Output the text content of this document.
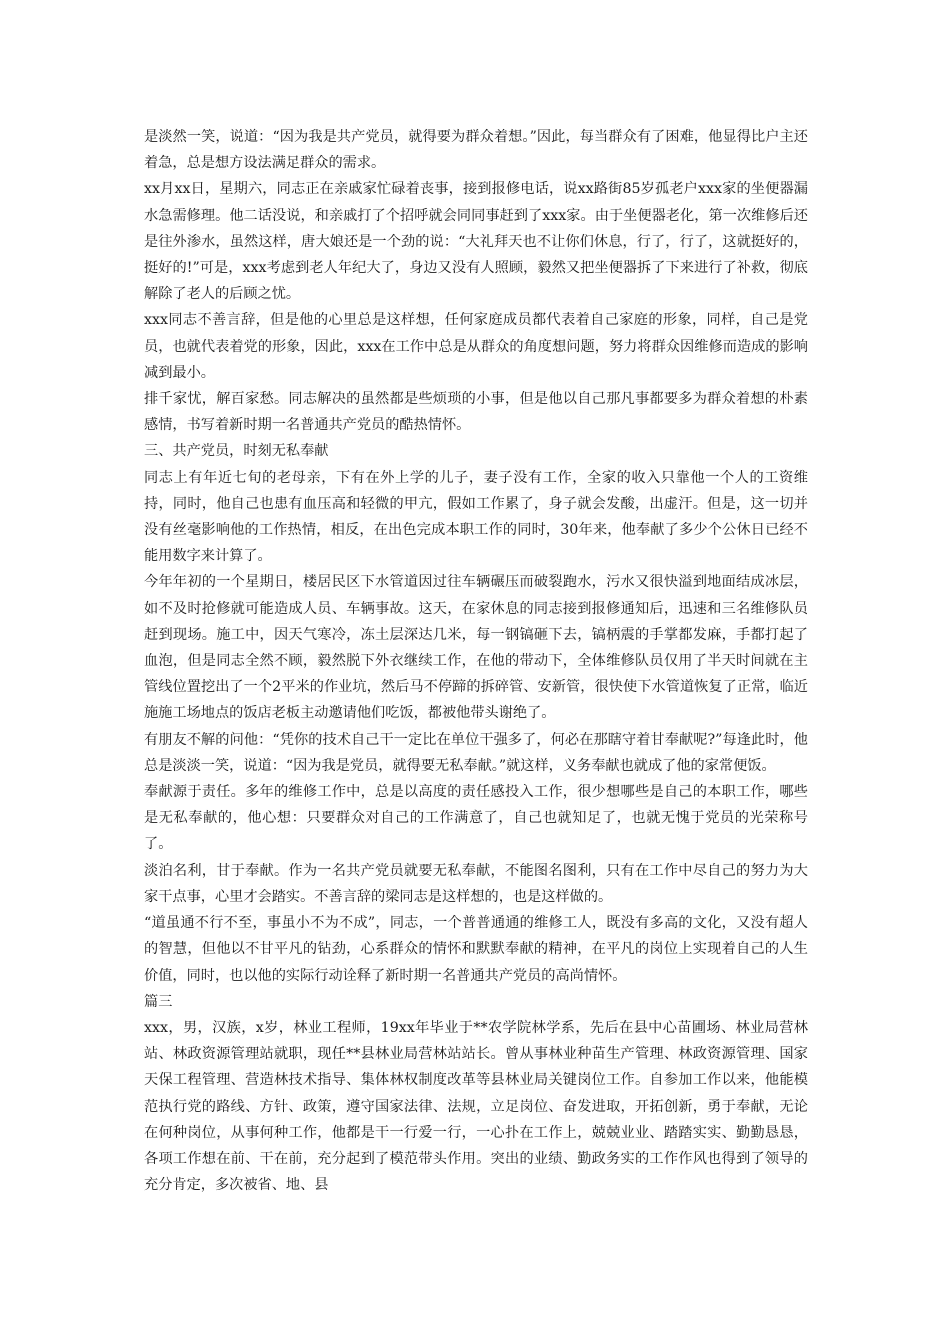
是淡然一笑，说道：“因为我是共产党员，就得要为群众着想。”因此，每当群众有了困难，他显得比户主还着急，总是想方设法满足群众的需求。

xx月xx日，星期六，同志正在亲戚家忙碌着丧事，接到报修电话，说xx路街85岁孤老户xxx家的坐便器漏水急需修理。他二话没说，和亲戚打了个招呼就会同同事赶到了xxx家。由于坐便器老化，第一次维修后还是往外渗水，虽然这样，唐大娘还是一个劲的说：“大礼拜天也不让你们休息，行了，行了，这就挺好的，挺好的!”可是，xxx考虑到老人年纪大了，身边又没有人照顾，毅然又把坐便器拆了下来进行了补救，彻底解除了老人的后顾之忧。

xxx同志不善言辞，但是他的心里总是这样想，任何家庭成员都代表着自己家庭的形象，同样，自己是党员，也就代表着党的形象，因此，xxx在工作中总是从群众的角度想问题，努力将群众因维修而造成的影响减到最小。

排千家忧，解百家愁。同志解决的虽然都是些烦琐的小事，但是他以自己那凡事都要多为群众着想的朴素感情，书写着新时期一名普通共产党员的酷热情怀。

三、共产党员，时刻无私奉献

同志上有年近七旬的老母亲，下有在外上学的儿子，妻子没有工作，全家的收入只靠他一个人的工资维持，同时，他自己也患有血压高和轻微的甲亢，假如工作累了，身子就会发酸，出虚汗。但是，这一切并没有丝毫影响他的工作热情，相反，在出色完成本职工作的同时，30年来，他奉献了多少个公休日已经不能用数字来计算了。

今年年初的一个星期日，楼居民区下水管道因过往车辆碾压而破裂跑水，污水又很快溢到地面结成冰层，如不及时抢修就可能造成人员、车辆事故。这天，在家休息的同志接到报修通知后，迅速和三名维修队员赶到现场。施工中，因天气寒冷，冻土层深达几米，每一钢镐砸下去，镐柄震的手掌都发麻，手都打起了血泡，但是同志全然不顾，毅然脱下外衣继续工作，在他的带动下，全体维修队员仅用了半天时间就在主管线位置挖出了一个2平米的作业坑，然后马不停蹄的拆碎管、安新管，很快使下水管道恢复了正常，临近施施工场地点的饭店老板主动邀请他们吃饭，都被他带头谢绝了。

有朋友不解的问他：“凭你的技术自己干一定比在单位干强多了，何必在那瞎守着甘奉献呢?”每逢此时，他总是淡淡一笑，说道：“因为我是党员，就得要无私奉献。”就这样，义务奉献也就成了他的家常便饭。

奉献源于责任。多年的维修工作中，总是以高度的责任感投入工作，很少想哪些是自己的本职工作，哪些是无私奉献的，他心想：只要群众对自己的工作满意了，自己也就知足了，也就无愧于党员的光荣称号了。

淡泊名利，甘于奉献。作为一名共产党员就要无私奉献，不能图名图利，只有在工作中尽自己的努力为大家干点事，心里才会踏实。不善言辞的梁同志是这样想的，也是这样做的。

“道虽通不行不至，事虽小不为不成”，同志，一个普普通通的维修工人，既没有多高的文化，又没有超人的智慧，但他以不甘平凡的钻劲，心系群众的情怀和默默奉献的精神，在平凡的岗位上实现着自己的人生价值，同时，也以他的实际行动诠释了新时期一名普通共产党员的高尚情怀。

篇三

xxx，男，汉族，x岁，林业工程师，19xx年毕业于**农学院林学系，先后在县中心苗圃场、林业局营林站、林政资源管理站就职，现任**县林业局营林站站长。曾从事林业种苗生产管理、林政资源管理、国家天保工程管理、营造林技术指导、集体林权制度改革等县林业局关键岗位工作。自参加工作以来，他能模范执行党的路线、方针、政策，遵守国家法律、法规，立足岗位、奋发进取，开拓创新，勇于奉献，无论在何种岗位，从事何种工作，他都是干一行爱一行，一心扑在工作上，兢兢业业、踏踏实实、勤勤恳恳，各项工作想在前、干在前，充分起到了模范带头作用。突出的业绩、勤政务实的工作作风也得到了领导的充分肯定，多次被省、地、县
